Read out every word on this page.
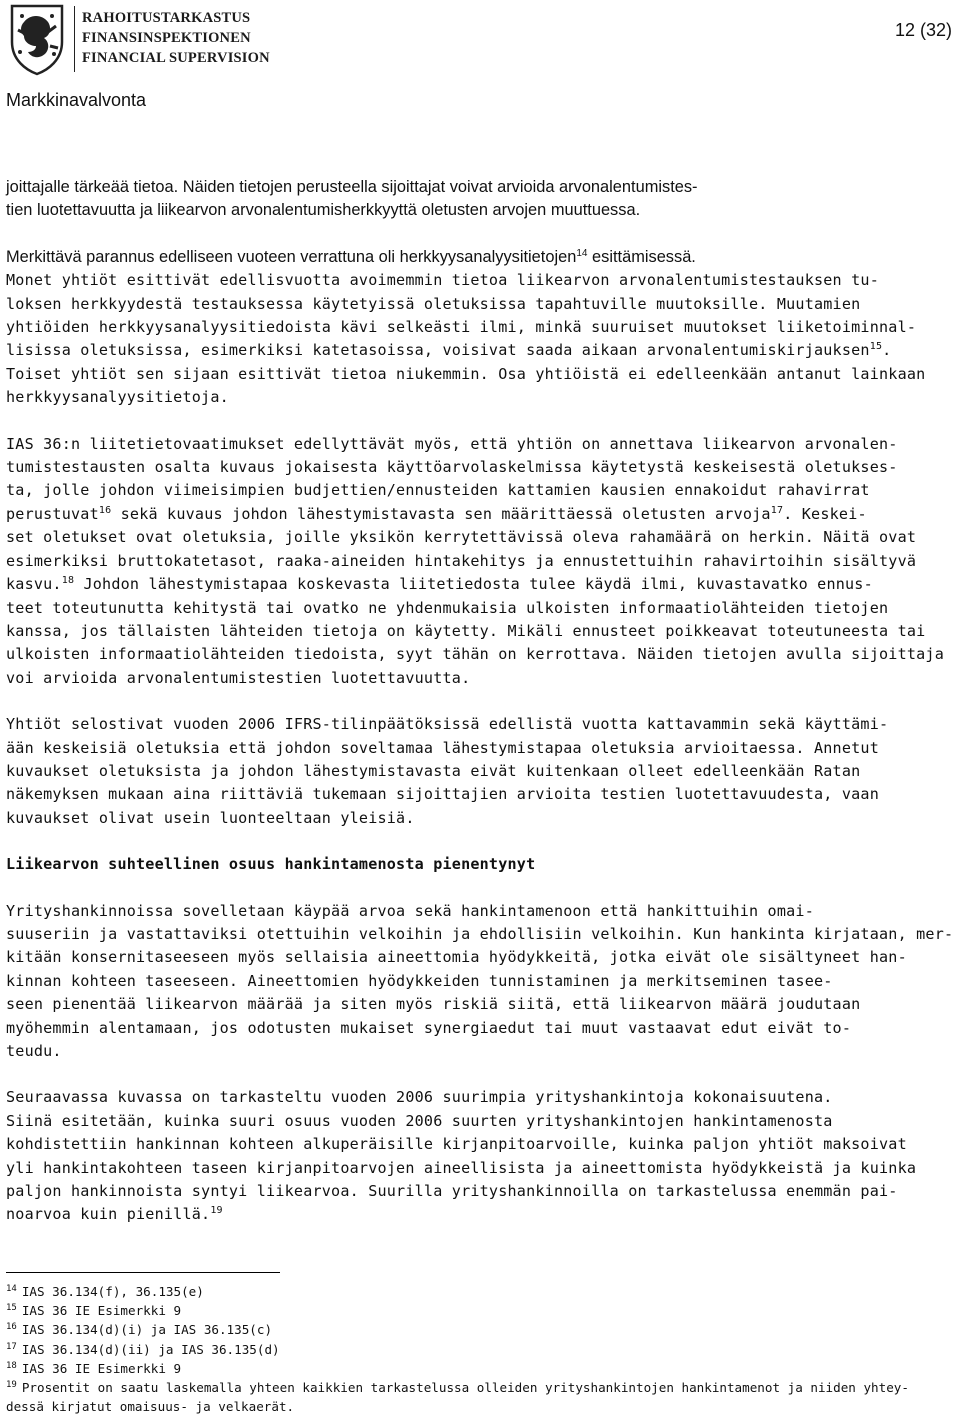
RAHOITUSTARKASTUS
FINANSINSPEKTIONEN
FINANCIAL SUPERVISION
12 (32)
Markkinavalvonta
joittajalle tärkeää tietoa. Näiden tietojen perusteella sijoittajat voivat arvioida arvonalentumistes-
tien luotettavuutta ja liikearvon arvonalentumisherkkyyttä oletusten arvojen muuttuessa.
Merkittävä parannus edelliseen vuoteen verrattuna oli herkkyysanalyysitietojen$^{14}$ esittämisessä.
Monet yhtiöt esittivät edellisvuotta avoimemmin tietoa liikearvon arvonalentumistestauksen tu-
loksen herkkyydestä testauksessa käytetyissä oletuksissa tapahtuville muutoksille. Muutamien
yhtiöiden herkkyysanalyysitiedoista kävi selkeästi ilmi, minkä suuruiset muutokset liiketoiminnal-
lisissa oletuksissa, esimerkiksi katetasoissa, voisivat saada aikaan arvonalentumiskirjauksen$^{15}$.
Toiset yhtiöt sen sijaan esittivät tietoa niukemmin. Osa yhtiöistä ei edelleenkään antanut lainkaan
herkkyysanalyysitietoja.
IAS 36:n liitetietovaatimukset edellyttävät myös, että yhtiön on annettava liikearvon arvonalen-
tumistestausten osalta kuvaus jokaisesta käyttöarvolaskelmissa käytetystä keskeisestä oletukses-
ta, jolle johdon viimeisimpien budjettien/ennusteiden kattamien kausien ennakoidut rahavirrat
perustuvat$^{16}$ sekä kuvaus johdon lähestymistavasta sen määrittäessä oletusten arvoja$^{17}$. Keskei-
set oletukset ovat oletuksia, joille yksikön kerrytettävissä oleva rahamäärä on herkin. Näitä ovat
esimerkiksi bruttokatetasot, raaka-aineiden hintakehitys ja ennustettuihin rahavirtoihin sisältyvä
kasvu.$^{18}$ Johdon lähestymistapaa koskevasta liitetiedosta tulee käydä ilmi, kuvastavatko ennus-
teet toteutunutta kehitystä tai ovatko ne yhdenmukaisia ulkoisten informaatiolähteiden tietojen
kanssa, jos tällaisten lähteiden tietoja on käytetty. Mikäli ennusteet poikkeavat toteutuneesta tai
ulkoisten informaatiolähteiden tiedoista, syyt tähän on kerrottava. Näiden tietojen avulla sijoittaja
voi arvioida arvonalentumistestien luotettavuutta.
Yhtiöt selostivat vuoden 2006 IFRS-tilinpäätöksissä edellistä vuotta kattavammin sekä käyttämi-
ään keskeisiä oletuksia että johdon soveltamaa lähestymistapaa oletuksia arvioitaessa. Annetut
kuvaukset oletuksista ja johdon lähestymistavasta eivät kuitenkaan olleet edelleenkään Ratan
näkemyksen mukaan aina riittäviä tukemaan sijoittajien arvioita testien luotettavuudesta, vaan
kuvaukset olivat usein luonteeltaan yleisiä.
Liikearvon suhteellinen osuus hankintamenosta pienentynyt
Yrityshankinnoissa sovelletaan käypää arvoa sekä hankintamenoon että hankittuihin omai-
suuseriin ja vastattaviksi otettuihin velkoihin ja ehdollisiin velkoihin. Kun hankinta kirjataan, mer-
kitään konsernitaseeseen myös sellaisia aineettomia hyödykkeitä, jotka eivät ole sisältyneet han-
kinnan kohteen taseeseen. Aineettomien hyödykkeiden tunnistaminen ja merkitseminen tasee-
seen pienentää liikearvon määrää ja siten myös riskiä siitä, että liikearvon määrä joudutaan
myöhemmin alentamaan, jos odotusten mukaiset synergiaedut tai muut vastaavat edut eivät to-
teudu.
Seuraavassa kuvassa on tarkasteltu vuoden 2006 suurimpia yrityshankintoja kokonaisuutena.
Siinä esitetään, kuinka suuri osuus vuoden 2006 suurten yrityshankintojen hankintamenosta
kohdistettiin hankinnan kohteen alkuperäisille kirjanpitoarvoille, kuinka paljon yhtiöt maksoivat
yli hankintakohteen taseen kirjanpitoarvojen aineellisista ja aineettomista hyödykkeistä ja kuinka
paljon hankinnoista syntyi liikearvoa. Suurilla yrityshankinnoilla on tarkastelussa enemmän pai-
noarvoa kuin pienillä.$^{19}$
$^{14}$ IAS 36.134(f), 36.135(e)
$^{15}$ IAS 36 IE Esimerkki 9
$^{16}$ IAS 36.134(d)(i) ja IAS 36.135(c)
$^{17}$ IAS 36.134(d)(ii) ja IAS 36.135(d)
$^{18}$ IAS 36 IE Esimerkki 9
$^{19}$ Prosentit on saatu laskemalla yhteen kaikkien tarkastelussa olleiden yrityshankintojen hankintamenot ja niiden yhtey-
dessä kirjatut omaisuus- ja velkaerät.
